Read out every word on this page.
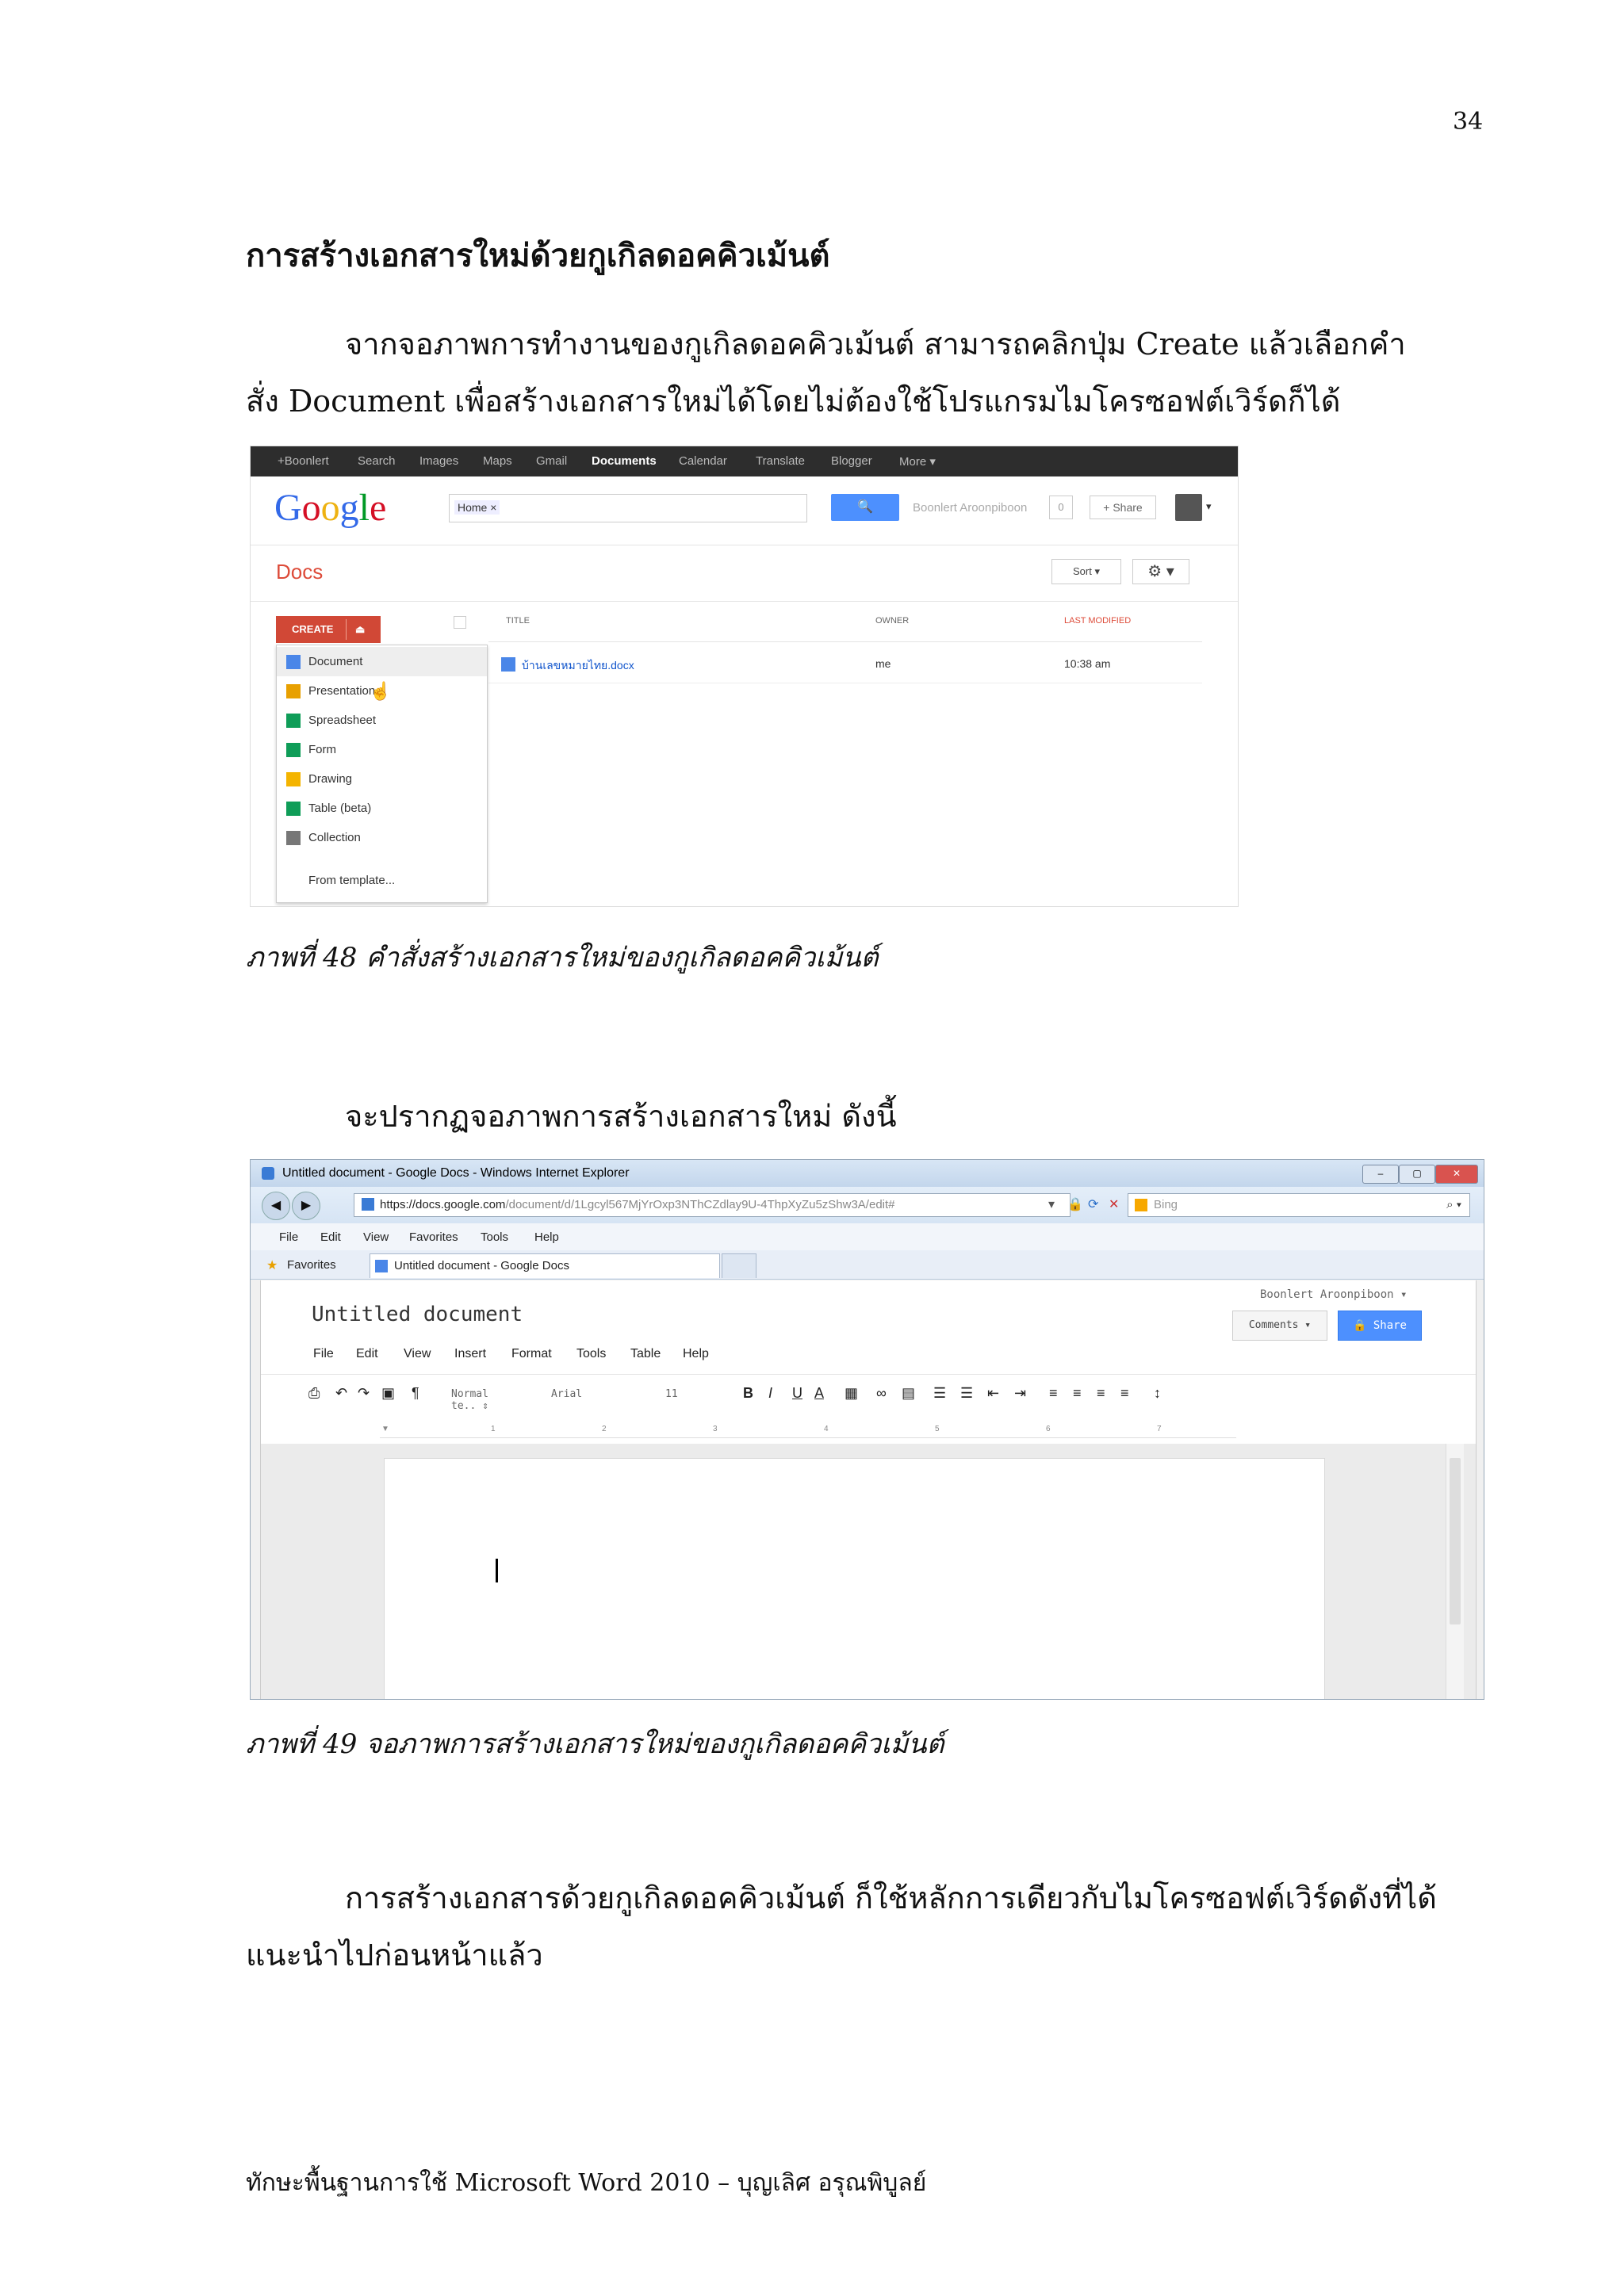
34
การสร้างเอกสารใหม่ด้วยกูเกิลดอคคิวเม้นต์
จากจอภาพการทำงานของกูเกิลดอคคิวเม้นต์ สามารถคลิกปุ่ม Create แล้วเลือกคำสั่ง Document เพื่อสร้างเอกสารใหม่ได้โดยไม่ต้องใช้โปรแกรมไมโครซอฟต์เวิร์ดก็ได้
+Boonlert Search Images Maps Gmail Documents Calendar Translate Blogger More ▾
Google	Home ×	🔍	Boonlert Aroonpiboon	0	+ Share	▾
Docs	Sort ▾	⚙ ▾
CREATE ⏏
TITLE	OWNER	LAST MODIFIED
บ้านเลขหมายไทย.docx	me	10:38 am
Document
Presentation
Spreadsheet
Form
Drawing
Table (beta)
Collection
From template...
☝
ภาพที่ 48 คำสั่งสร้างเอกสารใหม่ของกูเกิลดอคคิวเม้นต์
จะปรากฏจอภาพการสร้างเอกสารใหม่ ดังนี้
Untitled document - Google Docs - Windows Internet Explorer	–	▢	✕
◀	▶	https://docs.google.com/document/d/1Lgcyl567MjYrOxp3NThCZdlay9U-4ThpXyZu5zShw3A/edit#	▾ 🔒 ⟳ ✕	Bing	⌕ ▾
File Edit View Favorites Tools Help
★ Favorites	Untitled document - Google Docs
Boonlert Aroonpiboon ▾
Untitled document
File Edit View Insert Format Tools Table Help
Comments ▾	🔒 Share
⎙ ↶ ↷ ▣ ¶	Normal te.. ⇕
Arial	11	B I U A ▦ ∞ ▤ ☰ ☰ ⇤ ⇥ ≡ ≡ ≡ ≡ ↕
▼	1	2	3	4	5	6	7
ภาพที่ 49 จอภาพการสร้างเอกสารใหม่ของกูเกิลดอคคิวเม้นต์
การสร้างเอกสารด้วยกูเกิลดอคคิวเม้นต์ ก็ใช้หลักการเดียวกับไมโครซอฟต์เวิร์ดดังที่ได้แนะนำไปก่อนหน้าแล้ว
ทักษะพื้นฐานการใช้ Microsoft Word 2010 – บุญเลิศ อรุณพิบูลย์
